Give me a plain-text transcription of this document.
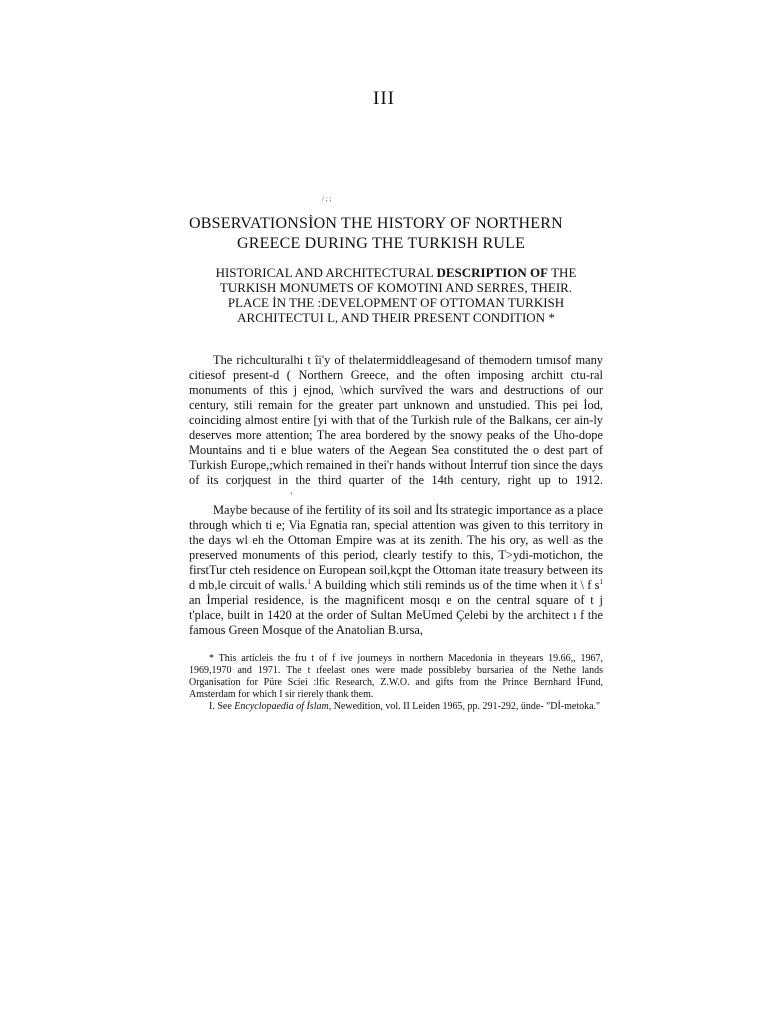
III
/ ; ;
OBSERVATIONSİON THE HISTORY OF NORTHERN
GREECE DURING THE TURKISH RULE
HISTORICAL AND ARCHITECTURAL DESCRIPTION OF THE
TURKISH MONUMETS OF KOMOTINI AND SERRES, THEIR.
PLACE İN THE :DEVELOPMENT OF OTTOMAN TURKISH
ARCHITECTUI L, AND THEIR PRESENT CONDITION *

The richculturalhi t îi'y of thelatermiddleagesand of themodern tımısof many citiesof present-d ( Northern Greece, and the often imposing architt ctu-ral monuments of this j ejnod, \which survîved the wars and destructions of our century, stili remain for the greater part unknown and unstudied. This pei İod, coinciding almost entire [yi with that of the Turkish rule of the Balkans, cer ain-ly deserves more attention; The area bordered by the snowy peaks of the Uho-dope Mountains and ti e blue waters of the Aegean Sea constituted the o dest part of Turkish Europe,;which remained in thei'r hands without İnterruf tion since the days of its corjquest in the third quarter of the 14th century, right up to 1912.'

Maybe because of ihe fertility of its soil and İts strategic importance as a place through which ti e; Via Egnatia ran, special attention was given to this territory in the days wl eh the Ottoman Empire was at its zenith. The his ory, as well as the preserved monuments of this period, clearly testify to this, T>ydi-motichon, the firstTur cteh residence on European soil,kçpt the Ottoman itate treasury between its d mb,le circuit of walls.$^1$ A building which stili reminds us of the time when it \ f $s^1$ an İmperial residence, is the magnificent mosqı e on the central square of t j t'place, built in 1420 at the order of Sultan MeUmed Çelebi by the architect ı f the famous Green Mosque of the Anatolian B.ursa,

* This articleis the fru t of f ive journeys in northern Macedonia in theyears 19.66,, 1967, 1969,1970 and 1971. The t ıfeelast ones were made possibleby bursariea of the Nethe lands Organisation for Püre Sciei :lfic Research, Z.W.O. and gifts from the Prince Bernhard İFund, Amsterdam for which I sir rierely thank them.

I. See Encyclopaedia of İslam, Newedition, vol. II Leiden 1965, pp. 291-292, ünde- "Dİ-metoka."
